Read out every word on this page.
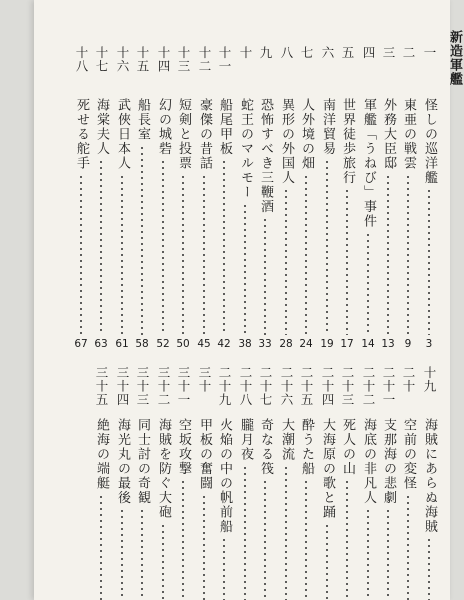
新造軍艦
一
怪しの巡洋艦
3
二
東亜の戦雲
9
三
外務大臣邸
13
四
軍艦「うねび」事件
14
五
世界徒歩旅行
17
六
南洋貿易
19
七
人外境の畑
24
八
異形の外国人
28
九
恐怖すべき三鞭酒
33
十
蛇王のマルモー
38
十一
船尾甲板
42
十二
豪傑の昔話
45
十三
短剣と投票
50
十四
幻の城砦
52
十五
船長室
58
十六
武俠日本人
61
十七
海棠夫人
63
十八
死せる舵手
67
十九
海賊にあらぬ海賊
二十
空前の変怪
二十一
支那海の悲劇
二十二
海底の非凡人
二十三
死人の山
二十四
大海原の歌と踊
二十五
酔うた船
二十六
大潮流
二十七
奇なる筏
二十八
朧月夜
二十九
火焔の中の帆前船
三十
甲板の奮闘
三十一
空坂攻撃
三十二
海賊を防ぐ大砲
三十三
同士討の奇観
三十四
海光丸の最後
三十五
絶海の端艇
